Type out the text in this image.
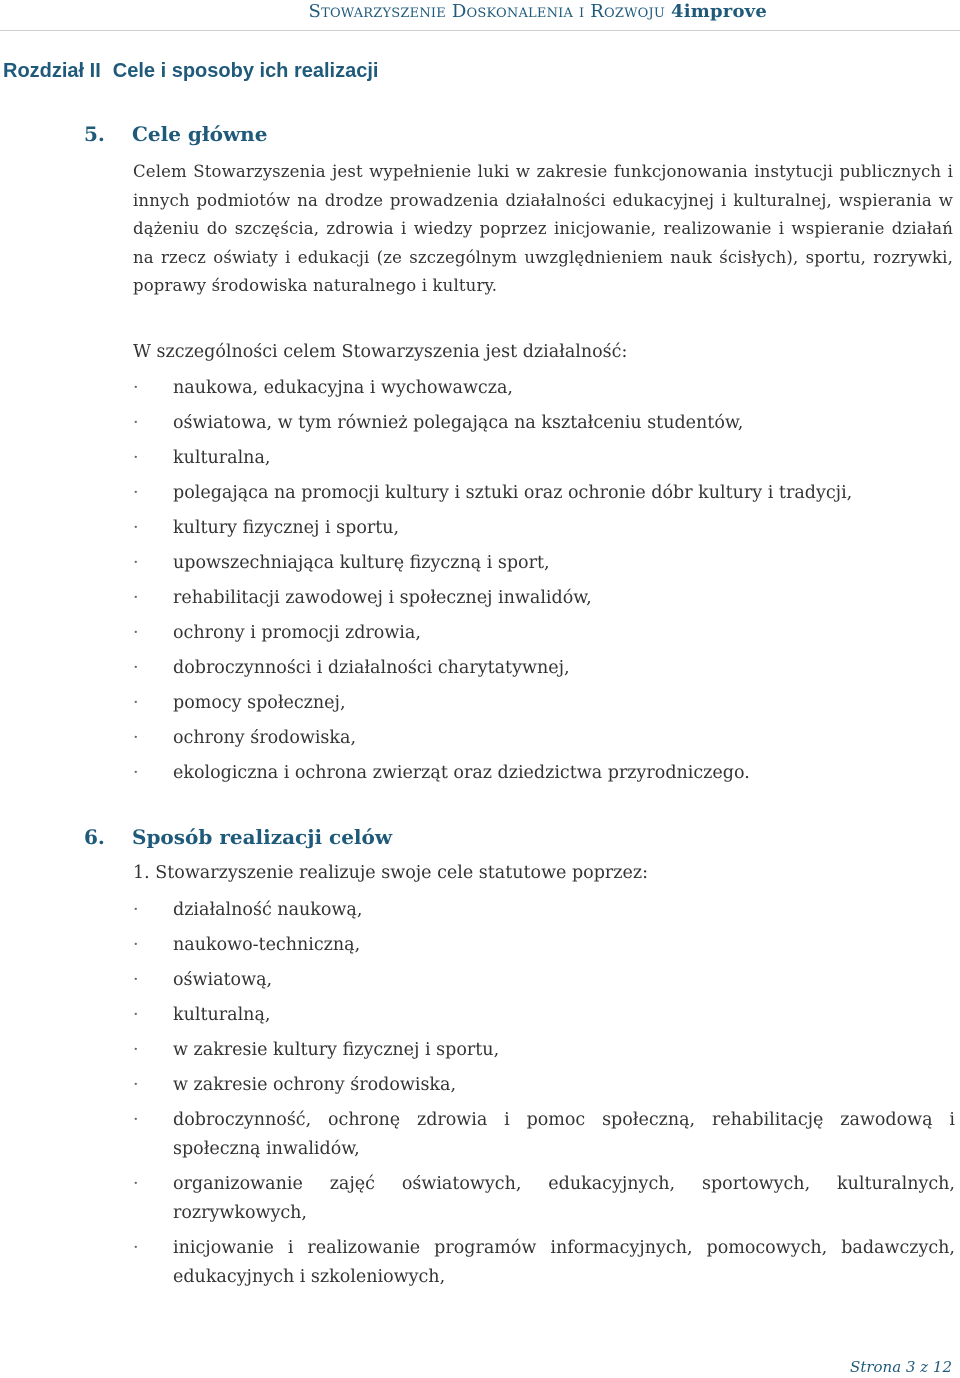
Stowarzyszenie Doskonalenia i Rozwoju 4improve
Rozdział II Cele i sposoby ich realizacji
5. Cele główne
Celem Stowarzyszenia jest wypełnienie luki w zakresie funkcjonowania instytucji publicznych i innych podmiotów na drodze prowadzenia działalności edukacyjnej i kulturalnej, wspierania w dążeniu do szczęścia, zdrowia i wiedzy poprzez inicjowanie, realizowanie i wspieranie działań na rzecz oświaty i edukacji (ze szczególnym uwzględnieniem nauk ścisłych), sportu, rozrywki, poprawy środowiska naturalnego i kultury.
W szczególności celem Stowarzyszenia jest działalność:
· naukowa, edukacyjna i wychowawcza,
· oświatowa, w tym również polegająca na kształceniu studentów,
· kulturalna,
· polegająca na promocji kultury i sztuki oraz ochronie dóbr kultury i tradycji,
· kultury fizycznej i sportu,
· upowszechniająca kulturę fizyczną i sport,
· rehabilitacji zawodowej i społecznej inwalidów,
· ochrony i promocji zdrowia,
· dobroczynności i działalności charytatywnej,
· pomocy społecznej,
· ochrony środowiska,
· ekologiczna i ochrona zwierząt oraz dziedzictwa przyrodniczego.
6. Sposób realizacji celów
1. Stowarzyszenie realizuje swoje cele statutowe poprzez:
· działalność naukową,
· naukowo-techniczną,
· oświatową,
· kulturalną,
· w zakresie kultury fizycznej i sportu,
· w zakresie ochrony środowiska,
· dobroczynność, ochronę zdrowia i pomoc społeczną, rehabilitację zawodową i społeczną inwalidów,
· organizowanie zajęć oświatowych, edukacyjnych, sportowych, kulturalnych, rozrywkowych,
· inicjowanie i realizowanie programów informacyjnych, pomocowych, badawczych, edukacyjnych i szkoleniowych,
Strona 3 z 12
